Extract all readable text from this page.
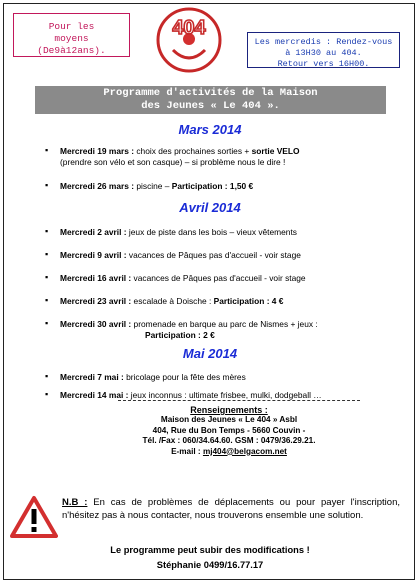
Pour les
moyens
(De9à12ans).
404
Les mercredis : Rendez-vous
à 13H30 au 404.
Retour vers 16H00.
Programme d'activités de la Maison
des Jeunes « Le 404 ».
Mars 2014
▪ Mercredi 19 mars : choix des prochaines sorties + sortie VELO
(prendre son vélo et son casque) – si problème nous le dire !
▪ Mercredi 26 mars : piscine – Participation : 1,50 €
Avril 2014
▪ Mercredi 2 avril : jeux de piste dans les bois – vieux vêtements
▪ Mercredi 9 avril : vacances de Pâques pas d'accueil - voir stage
▪ Mercredi 16 avril : vacances de Pâques pas d'accueil - voir stage
▪ Mercredi 23 avril : escalade à Doische : Participation : 4 €
▪ Mercredi 30 avril : promenade en barque au parc de Nismes + jeux :
Participation : 2 €
Mai 2014
▪ Mercredi 7 mai : bricolage pour la fête des mères
▪ Mercredi 14 mai : jeux inconnus : ultimate frisbee, mulki, dodgeball …
Renseignements :
Maison des Jeunes « Le 404 » Asbl
404, Rue du Bon Temps - 5660 Couvin -
Tél. /Fax : 060/34.64.60. GSM : 0479/36.29.21.
E-mail : mj404@belgacom.net
N.B : En cas de problèmes de déplacements ou pour payer l'inscription, n'hésitez pas à nous contacter, nous trouverons ensemble une solution.
Le programme peut subir des modifications !
Stéphanie 0499/16.77.17
